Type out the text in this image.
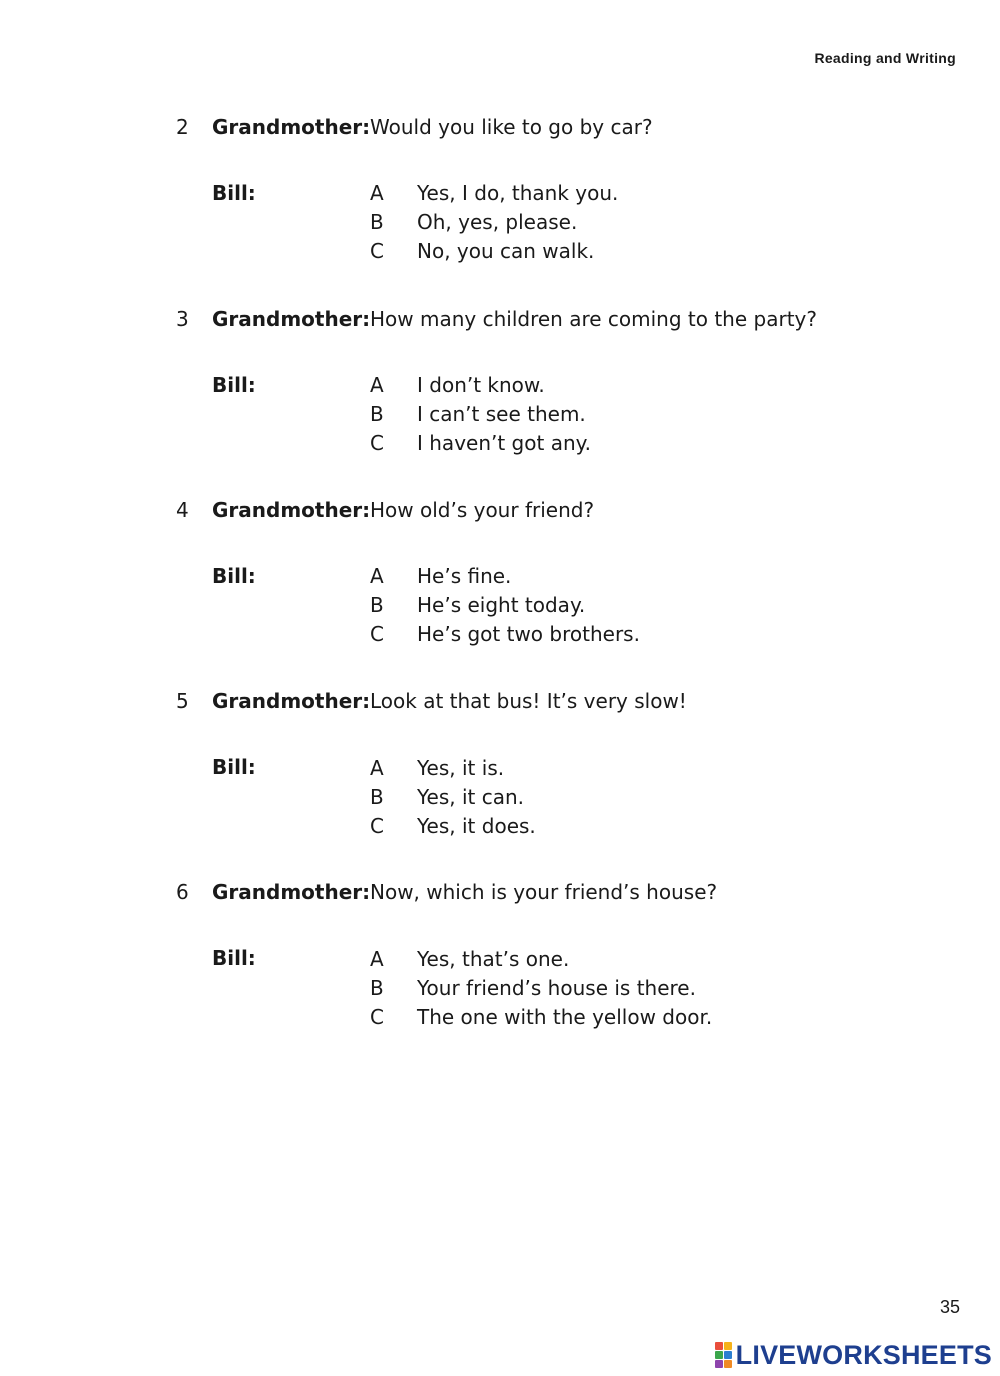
Reading and Writing
2 Grandmother: Would you like to go by car?
Bill:	A Yes, I do, thank you.
B Oh, yes, please.
C No, you can walk.
3 Grandmother: How many children are coming to the party?
Bill:	A I don’t know.
B I can’t see them.
C I haven’t got any.
4 Grandmother: How old’s your friend?
Bill:	A He’s fine.
B He’s eight today.
C He’s got two brothers.
5 Grandmother: Look at that bus! It’s very slow!
Bill:	A Yes, it is.
B Yes, it can.
C Yes, it does.
6 Grandmother: Now, which is your friend’s house?
Bill:	A Yes, that’s one.
B Your friend’s house is there.
C The one with the yellow door.
35
LIVEWORKSHEETS
